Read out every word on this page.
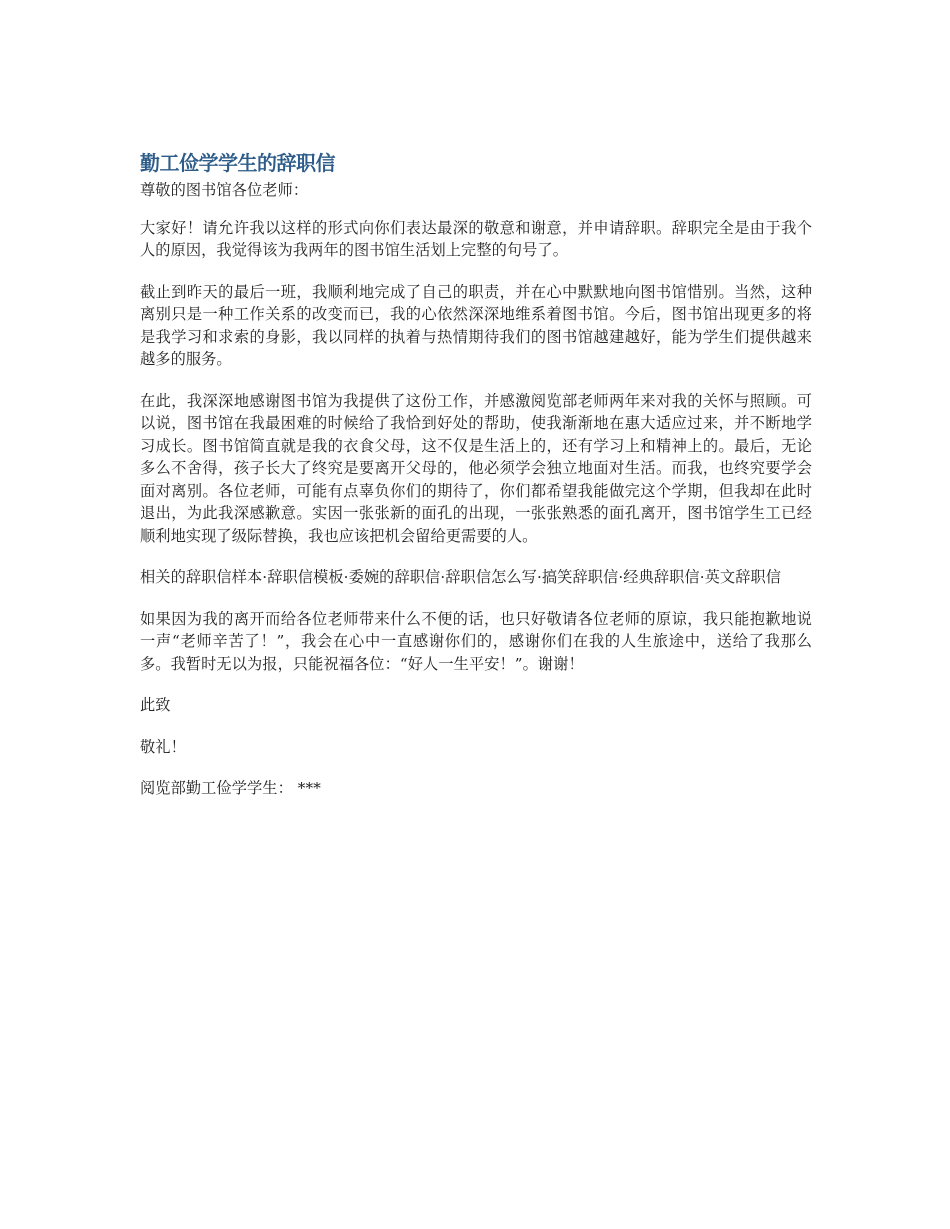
勤工俭学学生的辞职信

尊敬的图书馆各位老师：

大家好！请允许我以这样的形式向你们表达最深的敬意和谢意，并申请辞职。辞职完全是由于我个人的原因，我觉得该为我两年的图书馆生活划上完整的句号了。

截止到昨天的最后一班，我顺利地完成了自己的职责，并在心中默默地向图书馆惜别。当然，这种离别只是一种工作关系的改变而已，我的心依然深深地维系着图书馆。今后，图书馆出现更多的将是我学习和求索的身影，我以同样的执着与热情期待我们的图书馆越建越好，能为学生们提供越来越多的服务。

在此，我深深地感谢图书馆为我提供了这份工作，并感激阅览部老师两年来对我的关怀与照顾。可以说，图书馆在我最困难的时候给了我恰到好处的帮助，使我渐渐地在惠大适应过来，并不断地学习成长。图书馆简直就是我的衣食父母，这不仅是生活上的，还有学习上和精神上的。最后，无论多么不舍得，孩子长大了终究是要离开父母的，他必须学会独立地面对生活。而我，也终究要学会面对离别。各位老师，可能有点辜负你们的期待了，你们都希望我能做完这个学期，但我却在此时退出，为此我深感歉意。实因一张张新的面孔的出现，一张张熟悉的面孔离开，图书馆学生工已经顺利地实现了级际替换，我也应该把机会留给更需要的人。

相关的辞职信样本·辞职信模板·委婉的辞职信·辞职信怎么写·搞笑辞职信·经典辞职信·英文辞职信

如果因为我的离开而给各位老师带来什么不便的话，也只好敬请各位老师的原谅，我只能抱歉地说一声“老师辛苦了！”，我会在心中一直感谢你们的，感谢你们在我的人生旅途中，送给了我那么多。我暂时无以为报，只能祝福各位：“好人一生平安！”。谢谢！

此致

敬礼！

阅览部勤工俭学学生： ***
